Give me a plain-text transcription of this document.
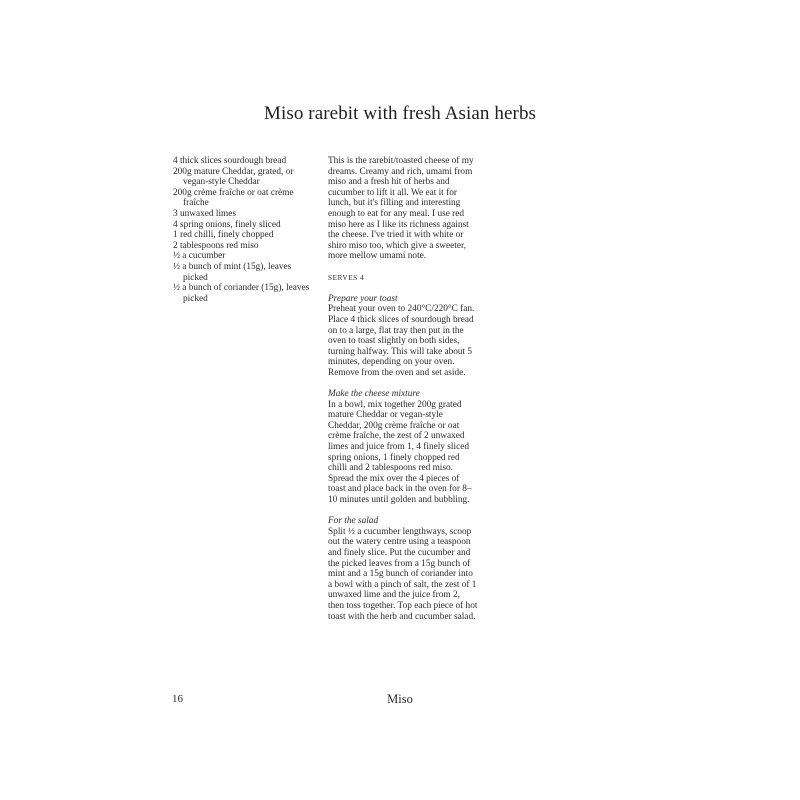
Miso rarebit with fresh Asian herbs
4 thick slices sourdough bread
200g mature Cheddar, grated, or vegan-style Cheddar
200g crème fraîche or oat crème fraîche
3 unwaxed limes
4 spring onions, finely sliced
1 red chilli, finely chopped
2 tablespoons red miso
½ a cucumber
½ a bunch of mint (15g), leaves picked
½ a bunch of coriander (15g), leaves picked

This is the rarebit/toasted cheese of my dreams. Creamy and rich, umami from miso and a fresh hit of herbs and cucumber to lift it all. We eat it for lunch, but it's filling and interesting enough to eat for any meal. I use red miso here as I like its richness against the cheese. I've tried it with white or shiro miso too, which give a sweeter, more mellow umami note.

SERVES 4

Prepare your toast

Preheat your oven to 240°C/220°C fan. Place 4 thick slices of sourdough bread on to a large, flat tray then put in the oven to toast slightly on both sides, turning halfway. This will take about 5 minutes, depending on your oven. Remove from the oven and set aside.

Make the cheese mixture

In a bowl, mix together 200g grated mature Cheddar or vegan-style Cheddar, 200g crème fraîche or oat crème fraîche, the zest of 2 unwaxed limes and juice from 1, 4 finely sliced spring onions, 1 finely chopped red chilli and 2 tablespoons red miso. Spread the mix over the 4 pieces of toast and place back in the oven for 8–10 minutes until golden and bubbling.

For the salad

Split ½ a cucumber lengthways, scoop out the watery centre using a teaspoon and finely slice. Put the cucumber and the picked leaves from a 15g bunch of mint and a 15g bunch of coriander into a bowl with a pinch of salt, the zest of 1 unwaxed lime and the juice from 2, then toss together. Top each piece of hot toast with the herb and cucumber salad.

16	Miso
